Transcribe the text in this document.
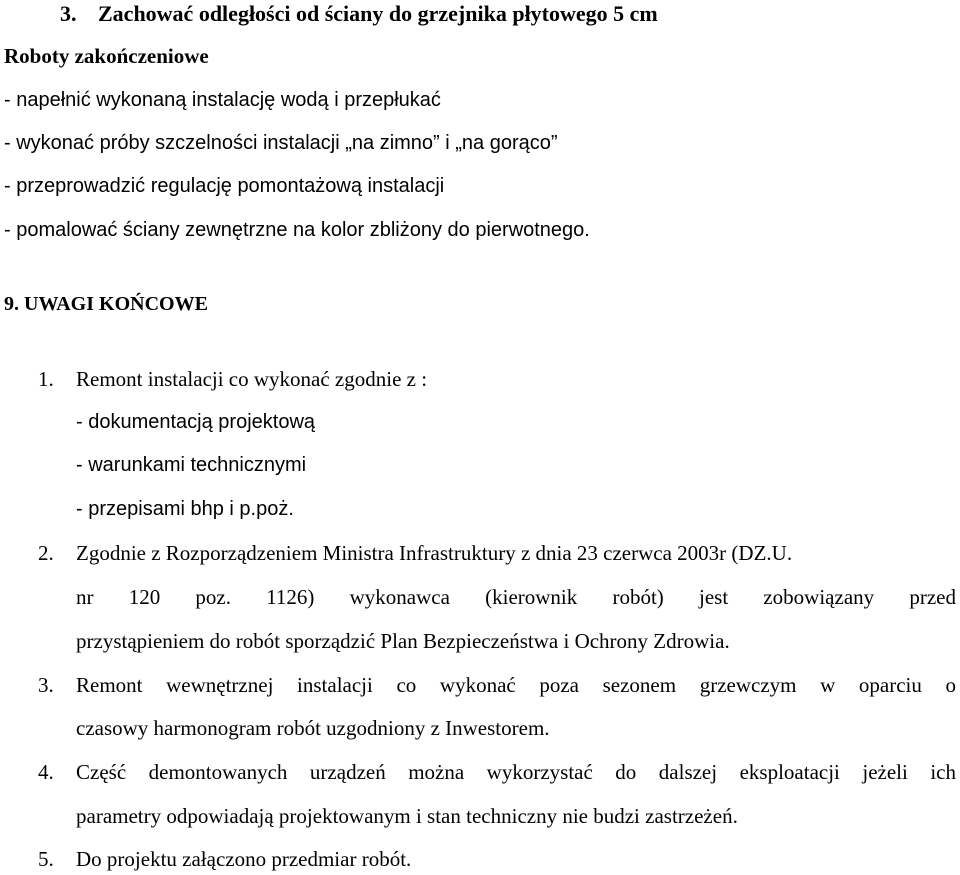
3. Zachować odległości od ściany do grzejnika płytowego 5 cm
Roboty zakończeniowe
- napełnić wykonaną instalację wodą i przepłukać
- wykonać próby szczelności instalacji „na zimno” i „na gorąco”
- przeprowadzić regulację pomontażową instalacji
- pomalować ściany zewnętrzne na kolor zbliżony do pierwotnego.
9. UWAGI KOŃCOWE
1. Remont instalacji co wykonać zgodnie z :
- dokumentacją projektową
- warunkami technicznymi
- przepisami bhp i p.poż.
2. Zgodnie z Rozporządzeniem Ministra Infrastruktury z dnia 23 czerwca 2003r (DZ.U.
nr 120 poz. 1126) wykonawca (kierownik robót) jest zobowiązany przed
przystąpieniem do robót sporządzić Plan Bezpieczeństwa i Ochrony Zdrowia.
3. Remont wewnętrznej instalacji co wykonać poza sezonem grzewczym w oparciu o
czasowy harmonogram robót uzgodniony z Inwestorem.
4. Część demontowanych urządzeń można wykorzystać do dalszej eksploatacji jeżeli ich
parametry odpowiadają projektowanym i stan techniczny nie budzi zastrzeżeń.
5. Do projektu załączono przedmiar robót.
